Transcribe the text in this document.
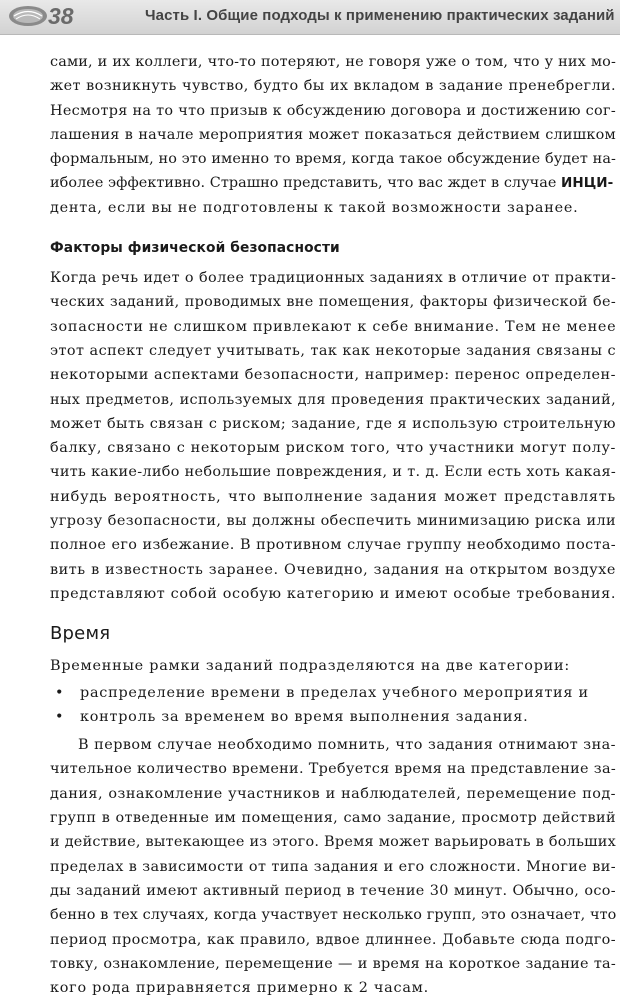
38	Часть I. Общие подходы к применению практических заданий

сами, и их коллеги, что-то потеряют, не говоря уже о том, что у них мо-
жет возникнуть чувство, будто бы их вкладом в задание пренебрегли.
Несмотря на то что призыв к обсуждению договора и достижению сог-
лашения в начале мероприятия может показаться действием слишком
формальным, но это именно то время, когда такое обсуждение будет на-
иболее эффективно. Страшно представить, что вас ждет в случае ИНЦИ-
дента, если вы не подготовлены к такой возможности заранее.

Факторы физической безопасности

Когда речь идет о более традиционных заданиях в отличие от практи-
ческих заданий, проводимых вне помещения, факторы физической бе-
зопасности не слишком привлекают к себе внимание. Тем не менее
этот аспект следует учитывать, так как некоторые задания связаны с
некоторыми аспектами безопасности, например: перенос определен-
ных предметов, используемых для проведения практических заданий,
может быть связан с риском; задание, где я использую строительную
балку, связано с некоторым риском того, что участники могут полу-
чить какие-либо небольшие повреждения, и т. д. Если есть хоть какая-
нибудь вероятность, что выполнение задания может представлять
угрозу безопасности, вы должны обеспечить минимизацию риска или
полное его избежание. В противном случае группу необходимо поста-
вить в известность заранее. Очевидно, задания на открытом воздухе
представляют собой особую категорию и имеют особые требования.

Время

Временные рамки заданий подразделяются на две категории:

• распределение времени в пределах учебного мероприятия и
• контроль за временем во время выполнения задания.

В первом случае необходимо помнить, что задания отнимают зна-
чительное количество времени. Требуется время на представление за-
дания, ознакомление участников и наблюдателей, перемещение под-
групп в отведенные им помещения, само задание, просмотр действий
и действие, вытекающее из этого. Время может варьировать в больших
пределах в зависимости от типа задания и его сложности. Многие ви-
ды заданий имеют активный период в течение 30 минут. Обычно, осо-
бенно в тех случаях, когда участвует несколько групп, это означает, что
период просмотра, как правило, вдвое длиннее. Добавьте сюда подго-
товку, ознакомление, перемещение — и время на короткое задание та-
кого рода приравняется примерно к 2 часам.
